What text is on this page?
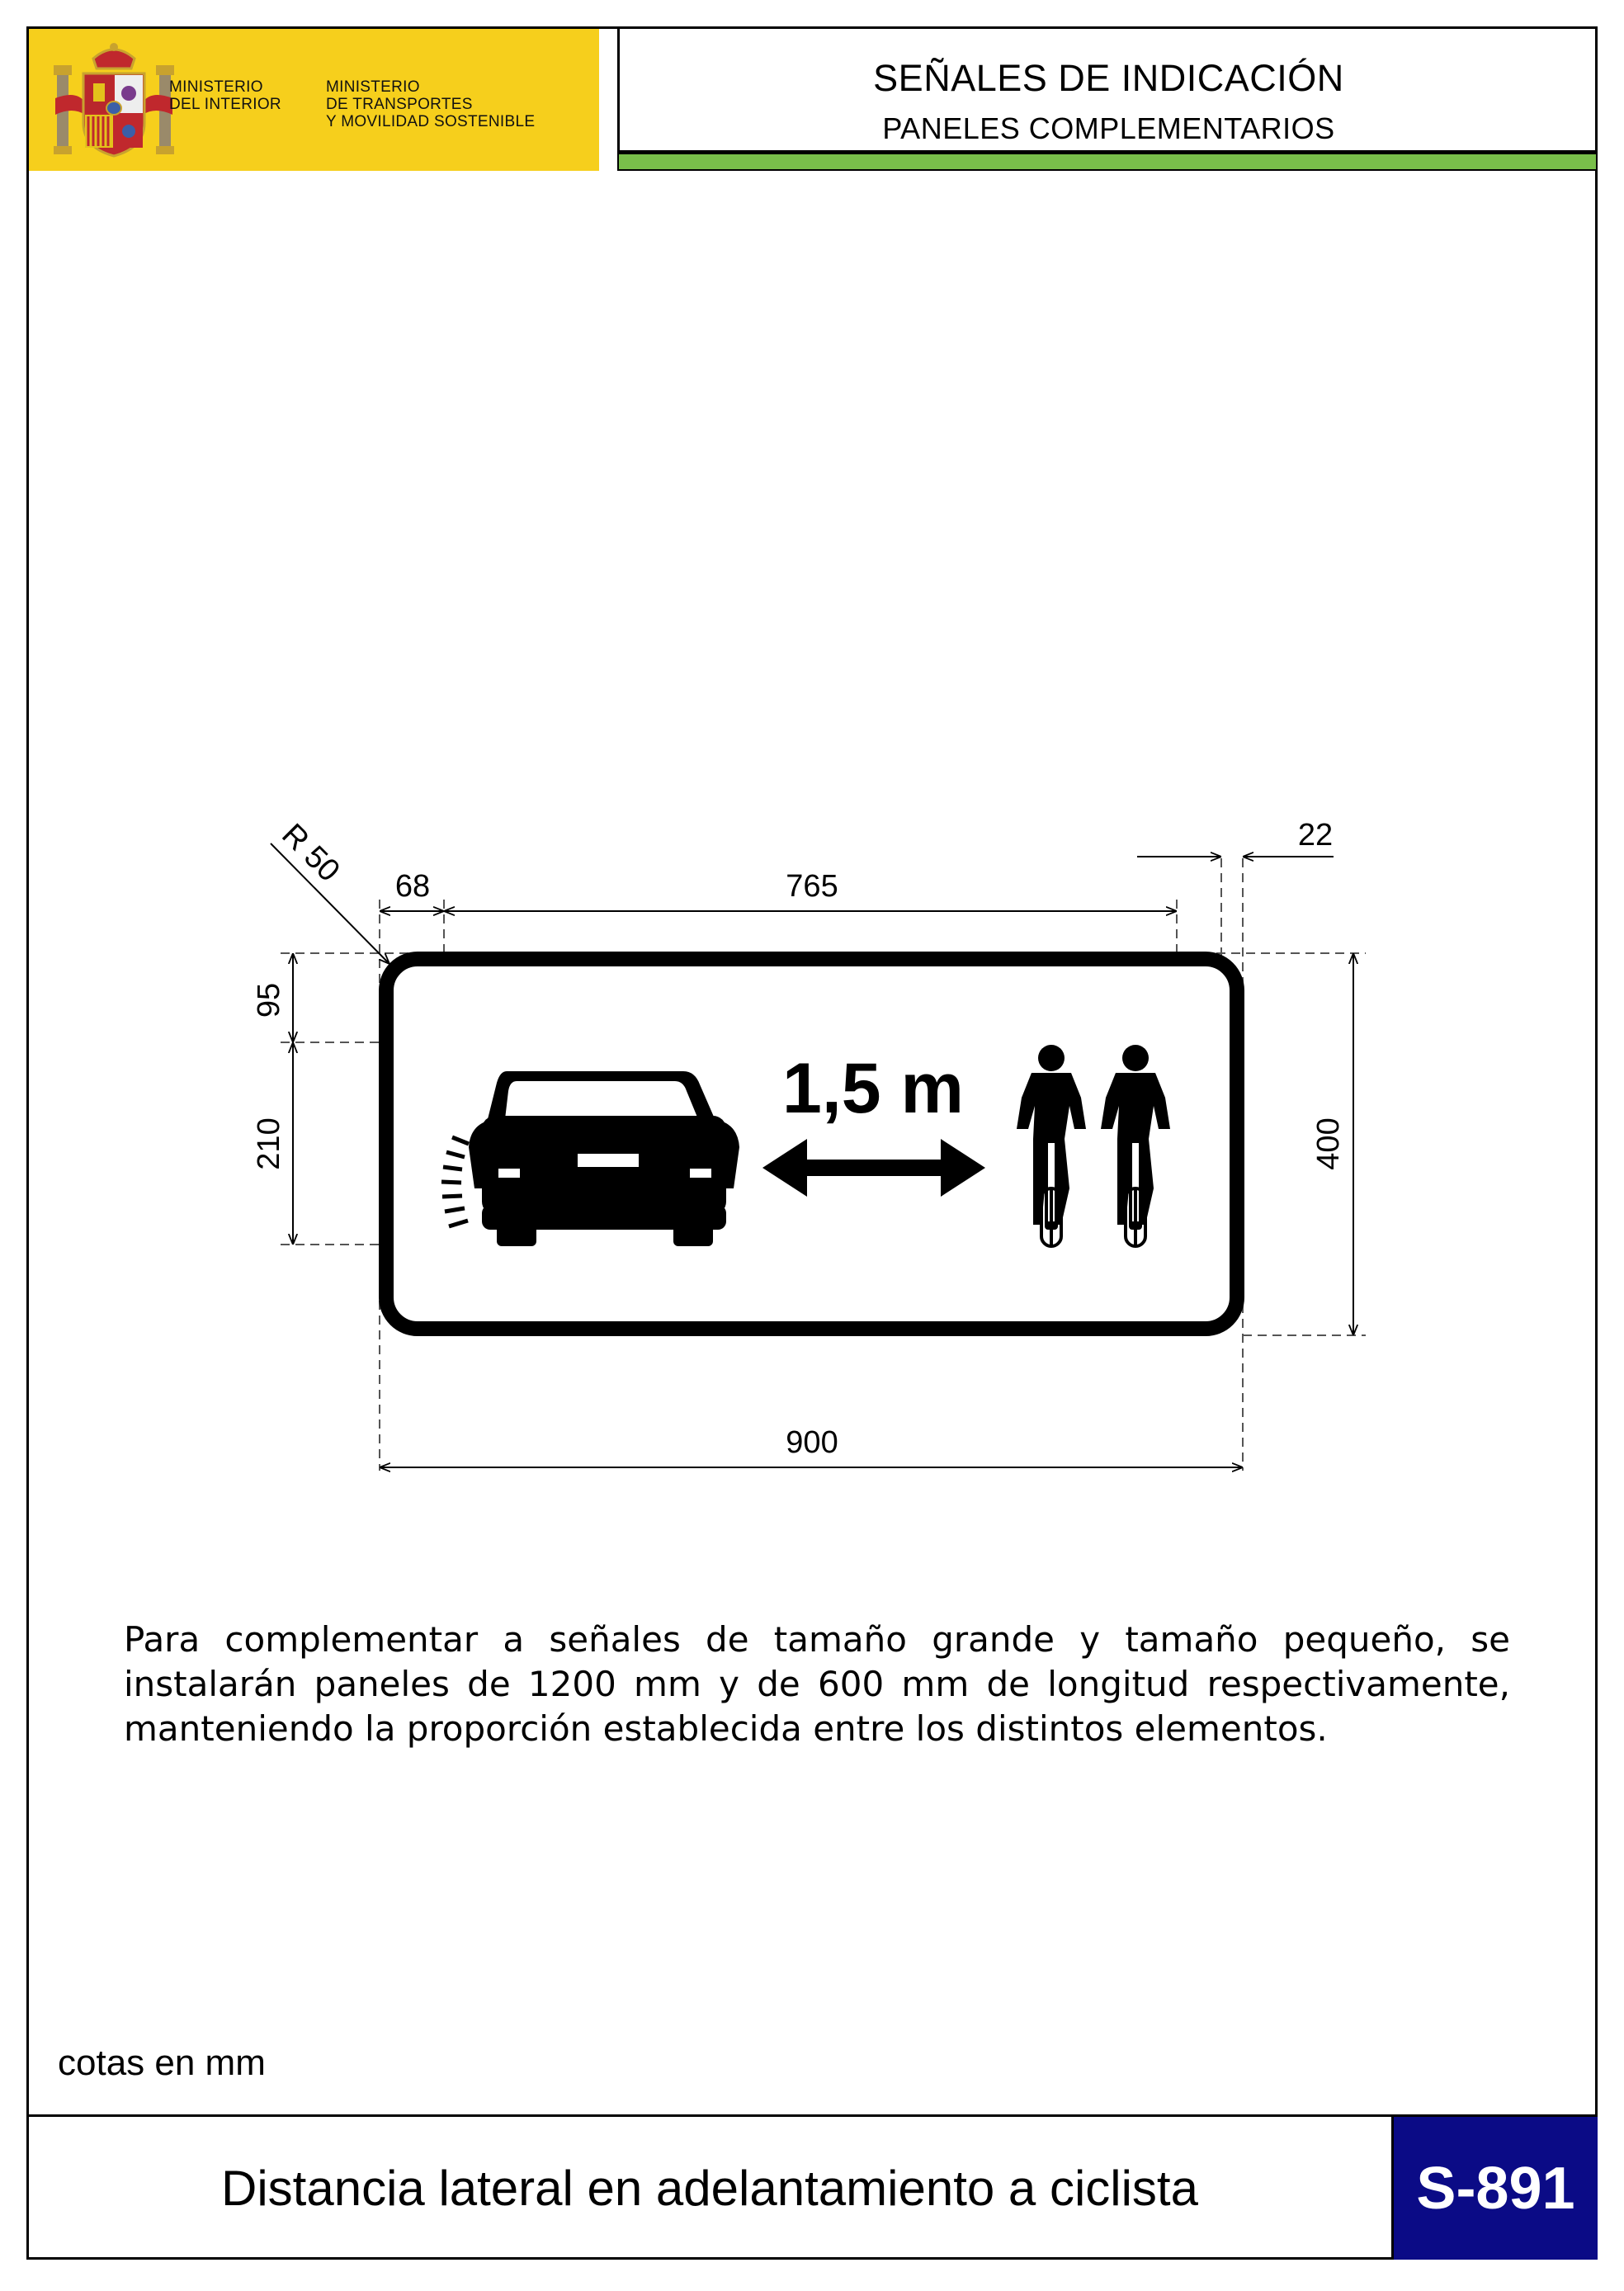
MINISTERIO
DEL INTERIOR
MINISTERIO
DE TRANSPORTES
Y MOVILIDAD SOSTENIBLE
SEÑALES DE INDICACIÓN
PANELES COMPLEMENTARIOS
1,5 m
68	765
22
900
95
210	400
R 50
Para complementar a señales de tamaño grande y tamaño pequeño, se instalarán paneles de 1200 mm y de 600 mm de longitud respectivamente, manteniendo la proporción establecida entre los distintos elementos.
cotas en mm
Distancia lateral en adelantamiento a ciclista	S-891
